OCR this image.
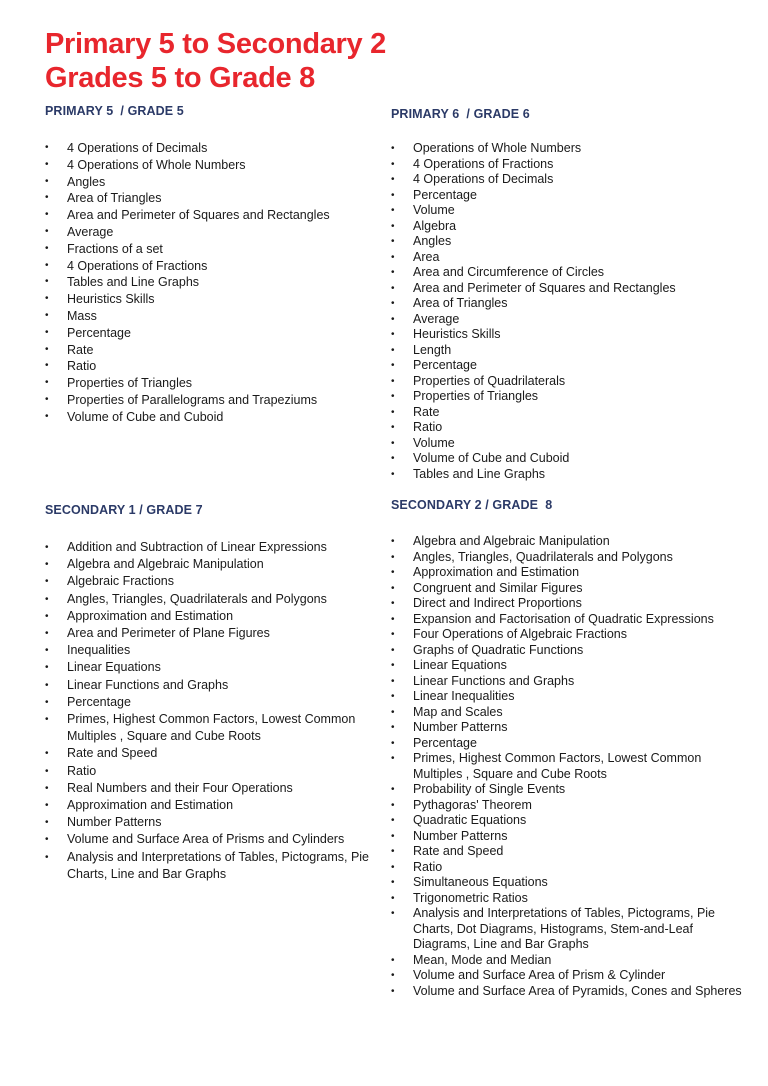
Primary 5 to Secondary 2
Grades 5 to Grade 8
PRIMARY 5  / GRADE 5
• 4 Operations of Decimals
• 4 Operations of Whole Numbers
• Angles
• Area of Triangles
• Area and Perimeter of Squares and Rectangles
• Average
• Fractions of a set
• 4 Operations of Fractions
• Tables and Line Graphs
• Heuristics Skills
• Mass
• Percentage
• Rate
• Ratio
• Properties of Triangles
• Properties of Parallelograms and Trapeziums
• Volume of Cube and Cuboid
PRIMARY 6  / GRADE 6
• Operations of Whole Numbers
• 4 Operations of Fractions
• 4 Operations of Decimals
• Percentage
• Volume
• Algebra
• Angles
• Area
• Area and Circumference of Circles
• Area and Perimeter of Squares and Rectangles
• Area of Triangles
• Average
• Heuristics Skills
• Length
• Percentage
• Properties of Quadrilaterals
• Properties of Triangles
• Rate
• Ratio
• Volume
• Volume of Cube and Cuboid
• Tables and Line Graphs
SECONDARY 1 / GRADE 7
• Addition and Subtraction of Linear Expressions
• Algebra and Algebraic Manipulation
• Algebraic Fractions
• Angles, Triangles, Quadrilaterals and Polygons
• Approximation and Estimation
• Area and Perimeter of Plane Figures
• Inequalities
• Linear Equations
• Linear Functions and Graphs
• Percentage
• Primes, Highest Common Factors, Lowest Common Multiples , Square and Cube Roots
• Rate and Speed
• Ratio
• Real Numbers and their Four Operations
• Approximation and Estimation
• Number Patterns
• Volume and Surface Area of Prisms and Cylinders
• Analysis and Interpretations of Tables, Pictograms, Pie Charts, Line and Bar Graphs
SECONDARY 2 / GRADE  8
• Algebra and Algebraic Manipulation
• Angles, Triangles, Quadrilaterals and Polygons
• Approximation and Estimation
• Congruent and Similar Figures
• Direct and Indirect Proportions
• Expansion and Factorisation of Quadratic Expressions
• Four Operations of Algebraic Fractions
• Graphs of Quadratic Functions
• Linear Equations
• Linear Functions and Graphs
• Linear Inequalities
• Map and Scales
• Number Patterns
• Percentage
• Primes, Highest Common Factors, Lowest Common Multiples , Square and Cube Roots
• Probability of Single Events
• Pythagoras' Theorem
• Quadratic Equations
• Number Patterns
• Rate and Speed
• Ratio
• Simultaneous Equations
• Trigonometric Ratios
• Analysis and Interpretations of Tables, Pictograms, Pie Charts, Dot Diagrams, Histograms, Stem-and-Leaf Diagrams, Line and Bar Graphs
• Mean, Mode and Median
• Volume and Surface Area of Prism & Cylinder
• Volume and Surface Area of Pyramids, Cones and Spheres
